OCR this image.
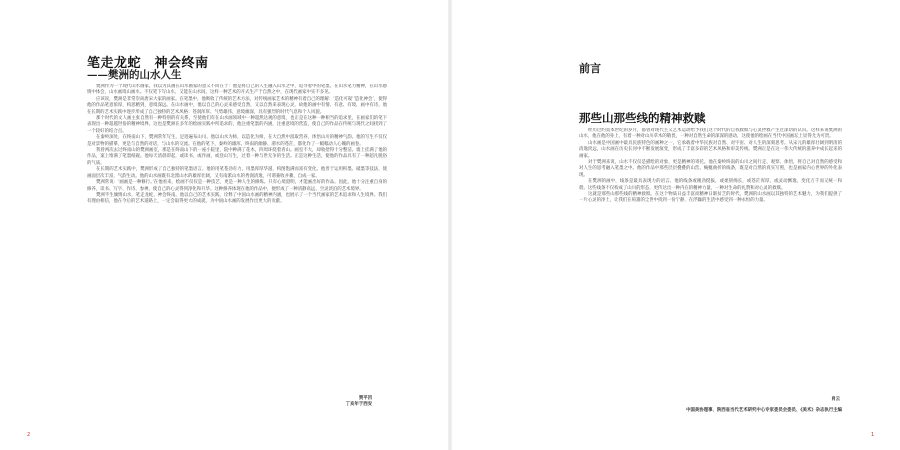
笔走龙蛇　神会终南
——樊洲的山水人生

樊洲作为一个现代山水画家，我以为其画在山水画家的意义不同在于：他是将自己的人生融入山水之中，追寻着中的笔墨、在山水笔力精神，在山水感情中体会，山水画境山画水。不仅笔下写山水，又能在山水间，这样一种艺术的开式生产于自然之中，在现代画家中实不多见。

应该说，樊洲是非常崇尚唐宋大家的画家。在笔墨中，他吸收了传统的艺术方法，对传统画家艺术的精神有着自己的理解：‘造化可窥’‘造化神会’，使得他的作品笔意浓厚，构思精到，意境深远。在山水画中，他以自己的心灵来感受自然，又以自然来表现心灵，故他的画中有情、有意、有境，画中有诗。他在长期的艺术实践中逐步形成了自己独特的艺术风格：苍润浑厚、气势雄伟、意境幽深，具有强烈的时代气息和个人风貌。

那个时代的文人画主张自然有一种特别的有关系，至使他们有在山水画领域中一种超然达观的意境，也正是在这种一种相当的追求里，在画家们的笔下表现出一种超越世俗的精神境界。这也是樊洲在多年的绘画实践中所追求的，他注重笔墨的内涵，注重意境的营造，使自己的作品在传统与现代之间找到了一个较好的结合点。

在秦岭深处，在终南山下，樊洲常年写生，足迹遍布山川。他以山水为师，以造化为师，在大自然中汲取营养，体悟山川的精神气韵。他的写生不仅仅是对景物的描摹，更是与自然的对话，与山水的交流。在他的笔下，秦岭的雄浑、终南的幽静、渭水的苍茫，都化作了一幅幅动人心魄的画卷。

我曾两次去过终南山的樊洲画室，那是在终南山下的一座小院里，院中种满了花木，四周环绕着青山。画室不大，却收拾得十分整洁。墙上挂满了他的作品，案上堆满了笔墨纸砚。他每天清晨即起，或读书，或作画，或登山写生，过着一种与世无争的生活。正是这种生活，使他的作品具有了一种超凡脱俗的气质。

在长期的艺术实践中，樊洲形成了自己独特的笔墨语言。他的用笔苍劲有力，用墨浑厚华滋，构图饱满而富有变化。他善于运用积墨、破墨等技法，使画面层次丰富，气韵生动。他的山水画既有北派山水的雄浑壮阔，又有南派山水的秀润清逸，可谓兼收并蓄，自成一家。

樊洲常说：‘画画是一种修行。’在他看来，绘画不仅仅是一种技艺，更是一种人生的修炼。只有心境澄明，才能画出好的作品。因此，他十分注重自身的修养，读书、写字、作诗、参禅，使自己的心灵得到净化和升华。这种修养体现在他的作品中，便形成了一种清静高远、空灵淡泊的艺术境界。

樊洲半生倾情山水，笔走龙蛇，神会终南。他以自己的艺术实践，诠释了中国山水画的精神内涵，也展示了一个当代画家的艺术追求和人生境界。我们有理由相信，他在今后的艺术道路上，一定会取得更大的成就，为中国山水画的发展作出更大的贡献。

贾平凹
丁亥年于西安
2
前言
那些山那些线的精神救赎

经历过约莫本世纪的岁月，都曾对现代主义艺术运动给予我们这个时代的自我救赎与心灵拯救产生过深切的认识。这样来说樊洲的山水，他在他的身上，有着一种对山川草木的敬畏，一种对自然生命的深深的感动，这使他的绘画在当代中国画坛上显得尤为可贵。

山水画是中国画中最具民族特色的画种之一，它承载着中华民族对自然、对宇宙、对人生的深刻思考。从宋元的雄浑壮阔到明清的清逸淡远，山水画在历史长河中不断发展演变，形成了丰富多彩的艺术风格和审美传统。樊洲正是在这一伟大传统的滋养中成长起来的画家。

对于樊洲来说，山水不仅仅是描绘的对象，更是精神的寄托。他在秦岭终南的山川之间行走、观察、体悟，将自己对自然的感受和对人生的思考融入笔墨之中。他的作品中那些层层叠叠的山峦、蜿蜒曲折的线条，既是对自然的真实写照，也是画家内心世界的外化表现。

在樊洲的画中，线条是最具表现力的语言。他的线条或刚劲挺拔，或柔韧绵长，或苍茫浑厚，或灵动飘逸，变化万千而又统一和谐。这些线条不仅构成了山川的形态，更传达出一种内在的精神力量，一种对生命的礼赞和对心灵的救赎。

这就是那些山那些线的精神救赎。在这个物质日益丰富而精神日渐贫乏的时代，樊洲的山水画以其独特的艺术魅力，为我们提供了一片心灵的净土，让我们在喧嚣的尘世中找到一份宁静，在浮躁的生活中感受到一种永恒的力量。

肖云
中国美协理事、陕西省当代艺术研究中心专家委员会委员、《美术》杂志执行主编
1
